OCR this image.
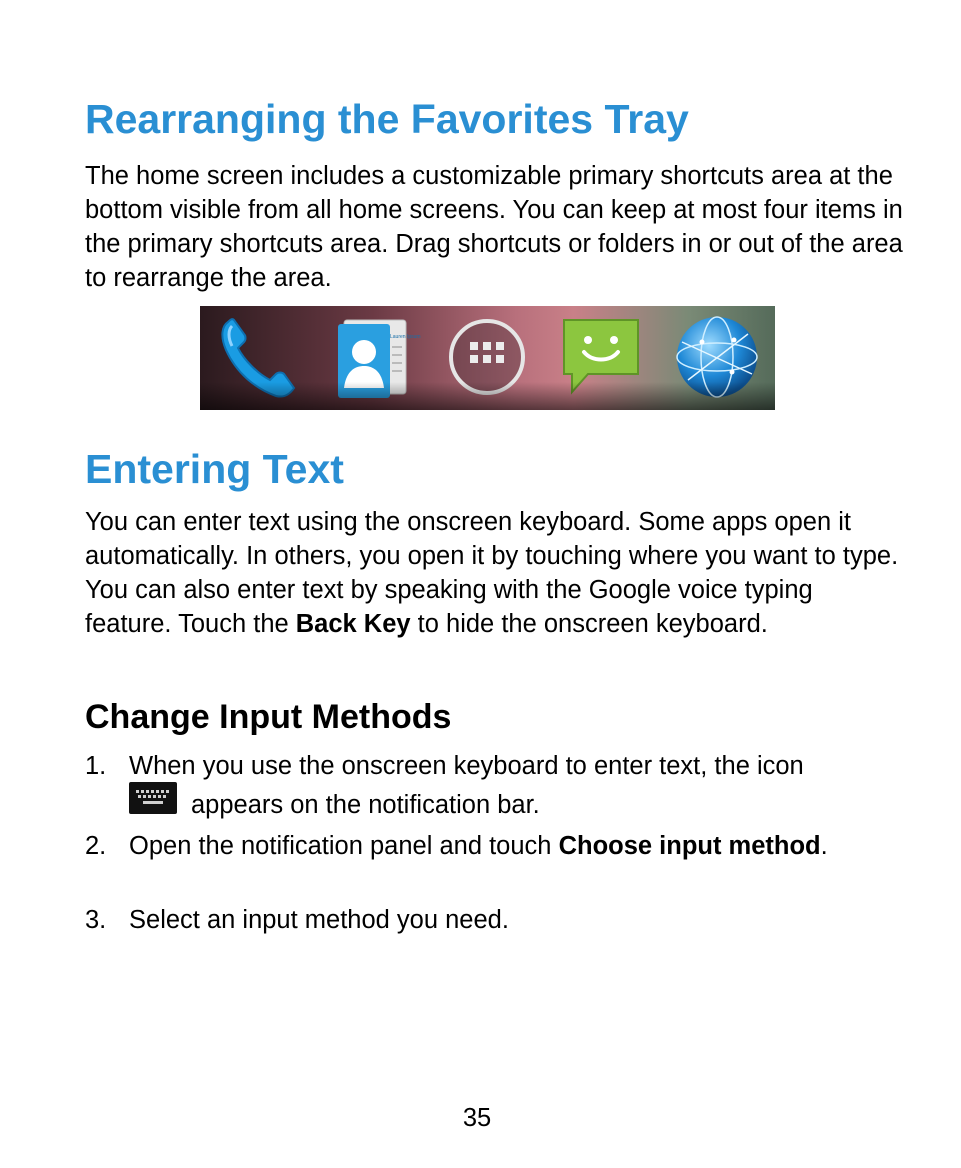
Rearranging the Favorites Tray

The home screen includes a customizable primary shortcuts area at the bottom visible from all home screens. You can keep at most four items in the primary shortcuts area. Drag shortcuts or folders in or out of the area to rearrange the area.

Lauren Ipsum
Entering Text

You can enter text using the onscreen keyboard. Some apps open it automatically. In others, you open it by touching where you want to type. You can also enter text by speaking with the Google voice typing feature. Touch the Back Key to hide the onscreen keyboard.

Change Input Methods
1. When you use the onscreen keyboard to enter text, the icon
appears on the notification bar.
2. Open the notification panel and touch Choose input method.
3. Select an input method you need.
35
